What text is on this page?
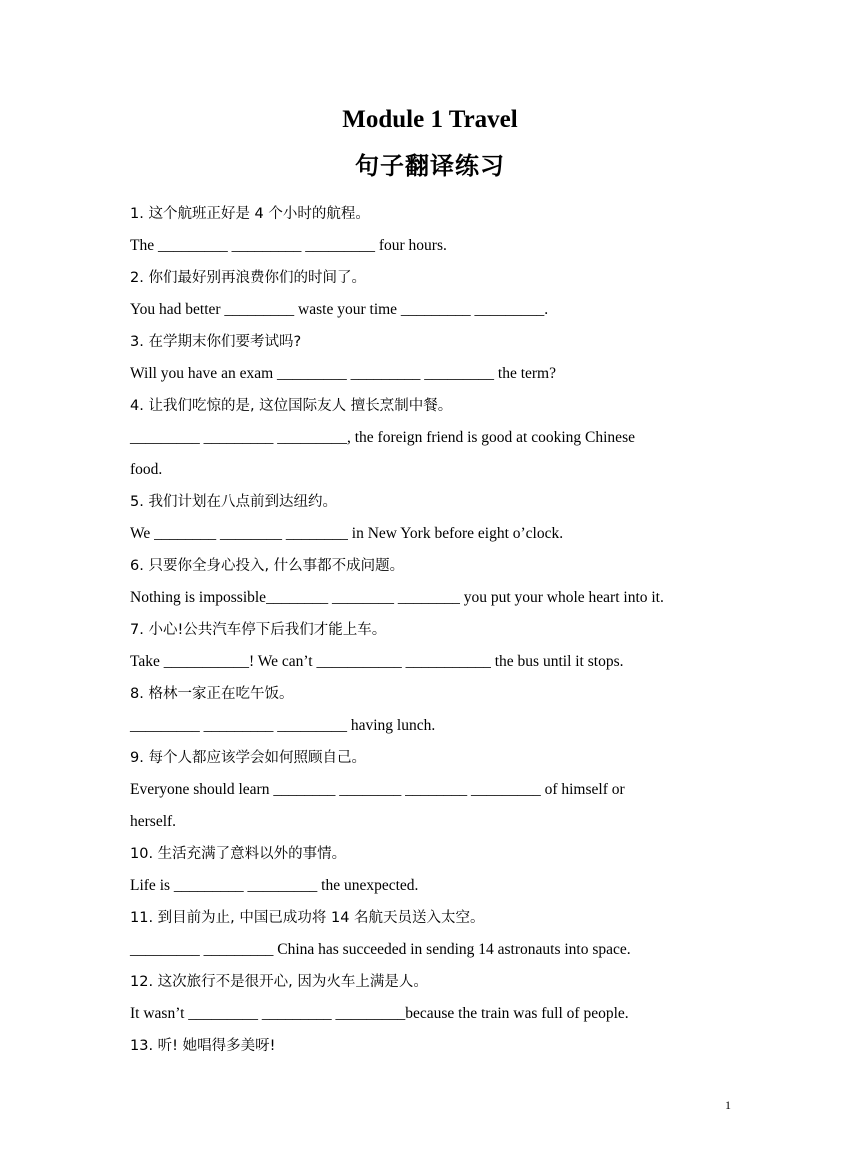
Module 1 Travel
句子翻译练习
1. 这个航班正好是 4 个小时的航程。
The _________ _________ _________ four hours.
2. 你们最好别再浪费你们的时间了。
You had better _________ waste your time _________ _________.
3. 在学期末你们要考试吗?
Will you have an exam _________ _________ _________ the term?
4. 让我们吃惊的是, 这位国际友人 擅长烹制中餐。
_________ _________ _________, the foreign friend is good at cooking Chinese
food.
5. 我们计划在八点前到达纽约。
We ________ ________ ________ in New York before eight o’clock.
6. 只要你全身心投入, 什么事都不成问题。
Nothing is impossible________ ________ ________ you put your whole heart into it.
7. 小心!公共汽车停下后我们才能上车。
Take ___________! We can’t ___________ ___________ the bus until it stops.
8. 格林一家正在吃午饭。
_________ _________ _________ having lunch.
9. 每个人都应该学会如何照顾自己。
Everyone should learn ________ ________ ________ _________ of himself or
herself.
10. 生活充满了意料以外的事情。
Life is _________ _________ the unexpected.
11. 到目前为止, 中国已成功将 14 名航天员送入太空。
_________ _________ China has succeeded in sending 14 astronauts into space.
12. 这次旅行不是很开心, 因为火车上满是人。
It wasn’t _________ _________ _________because the train was full of people.
13. 听! 她唱得多美呀!
1
